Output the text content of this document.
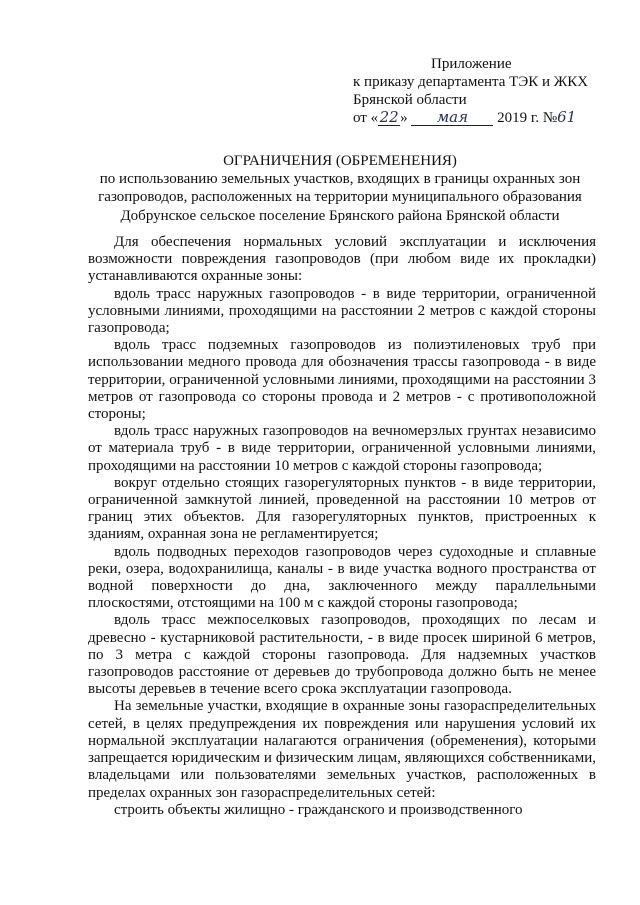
Приложение
к приказу департамента ТЭК и ЖКХ
Брянской области
от «22» мая 2019 г. №61
ОГРАНИЧЕНИЯ (ОБРЕМЕНЕНИЯ)
по использованию земельных участков, входящих в границы охранных зон газопроводов, расположенных на территории муниципального образования Добрунское сельское поселение Брянского района Брянской области

Для обеспечения нормальных условий эксплуатации и исключения возможности повреждения газопроводов (при любом виде их прокладки) устанавливаются охранные зоны:

вдоль трасс наружных газопроводов - в виде территории, ограниченной условными линиями, проходящими на расстоянии 2 метров с каждой стороны газопровода;

вдоль трасс подземных газопроводов из полиэтиленовых труб при использовании медного провода для обозначения трассы газопровода - в виде территории, ограниченной условными линиями, проходящими на расстоянии 3 метров от газопровода со стороны провода и 2 метров - с противоположной стороны;

вдоль трасс наружных газопроводов на вечномерзлых грунтах независимо от материала труб - в виде территории, ограниченной условными линиями, проходящими на расстоянии 10 метров с каждой стороны газопровода;

вокруг отдельно стоящих газорегуляторных пунктов - в виде территории, ограниченной замкнутой линией, проведенной на расстоянии 10 метров от границ этих объектов. Для газорегуляторных пунктов, пристроенных к зданиям, охранная зона не регламентируется;

вдоль подводных переходов газопроводов через судоходные и сплавные реки, озера, водохранилища, каналы - в виде участка водного пространства от водной поверхности до дна, заключенного между параллельными плоскостями, отстоящими на 100 м с каждой стороны газопровода;

вдоль трасс межпоселковых газопроводов, проходящих по лесам и древесно - кустарниковой растительности, - в виде просек шириной 6 метров, по 3 метра с каждой стороны газопровода. Для надземных участков газопроводов расстояние от деревьев до трубопровода должно быть не менее высоты деревьев в течение всего срока эксплуатации газопровода.

На земельные участки, входящие в охранные зоны газораспределительных сетей, в целях предупреждения их повреждения или нарушения условий их нормальной эксплуатации налагаются ограничения (обременения), которыми запрещается юридическим и физическим лицам, являющихся собственниками, владельцами или пользователями земельных участков, расположенных в пределах охранных зон газораспределительных сетей:

строить объекты жилищно - гражданского и производственного
